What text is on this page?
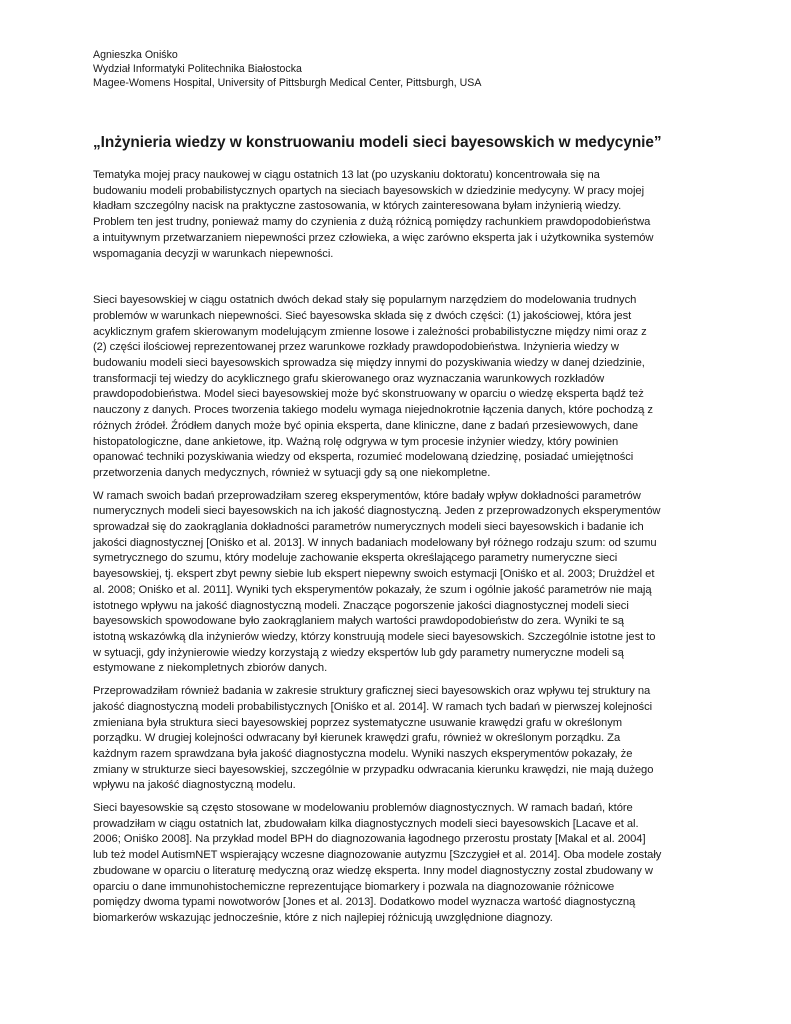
Agnieszka Oniśko

Wydział Informatyki Politechnika Białostocka

Magee-Womens Hospital, University of Pittsburgh Medical Center, Pittsburgh, USA

„Inżynieria wiedzy w konstruowaniu modeli sieci bayesowskich w medycynie”

Tematyka mojej pracy naukowej w ciągu ostatnich 13 lat (po uzyskaniu doktoratu) koncentrowała się na
budowaniu modeli probabilistycznych opartych na sieciach bayesowskich w dziedzinie medycyny. W pracy mojej
kładłam szczególny nacisk na praktyczne zastosowania, w których zainteresowana byłam inżynierią wiedzy.
Problem ten jest trudny, ponieważ mamy do czynienia z dużą różnicą pomiędzy rachunkiem prawdopodobieństwa
a intuitywnym przetwarzaniem niepewności przez człowieka, a więc zarówno eksperta jak i użytkownika systemów
wspomagania decyzji w warunkach niepewności.

Sieci bayesowskiej w ciągu ostatnich dwóch dekad stały się popularnym narzędziem do modelowania trudnych
problemów w warunkach niepewności. Sieć bayesowska składa się z dwóch części: (1) jakościowej, która jest
acyklicznym grafem skierowanym modelującym zmienne losowe i zależności probabilistyczne między nimi oraz z
(2) części ilościowej reprezentowanej przez warunkowe rozkłady prawdopodobieństwa. Inżynieria wiedzy w
budowaniu modeli sieci bayesowskich sprowadza się między innymi do pozyskiwania wiedzy w danej dziedzinie,
transformacji tej wiedzy do acyklicznego grafu skierowanego oraz wyznaczania warunkowych rozkładów
prawdopodobieństwa. Model sieci bayesowskiej może być skonstruowany w oparciu o wiedzę eksperta bądź też
nauczony z danych. Proces tworzenia takiego modelu wymaga niejednokrotnie łączenia danych, które pochodzą z
różnych źródeł. Źródłem danych może być opinia eksperta, dane kliniczne, dane z badań przesiewowych, dane
histopatologiczne, dane ankietowe, itp. Ważną rolę odgrywa w tym procesie inżynier wiedzy, który powinien
opanować techniki pozyskiwania wiedzy od eksperta, rozumieć modelowaną dziedzinę, posiadać umiejętności
przetworzenia danych medycznych, również w sytuacji gdy są one niekompletne.

W ramach swoich badań przeprowadziłam szereg eksperymentów, które badały wpływ dokładności parametrów
numerycznych modeli sieci bayesowskich na ich jakość diagnostyczną. Jeden z przeprowadzonych eksperymentów
sprowadzał się do zaokrąglania dokładności parametrów numerycznych modeli sieci bayesowskich i badanie ich
jakości diagnostycznej [Oniśko et al. 2013]. W innych badaniach modelowany był różnego rodzaju szum: od szumu
symetrycznego do szumu, który modeluje zachowanie eksperta określającego parametry numeryczne sieci
bayesowskiej, tj. ekspert zbyt pewny siebie lub ekspert niepewny swoich estymacji [Oniśko et al. 2003; Drużdżel et
al. 2008; Oniśko et al. 2011]. Wyniki tych eksperymentów pokazały, że szum i ogólnie jakość parametrów nie mają
istotnego wpływu na jakość diagnostyczną modeli. Znaczące pogorszenie jakości diagnostycznej modeli sieci
bayesowskich spowodowane było zaokrąglaniem małych wartości prawdopodobieństw do zera. Wyniki te są
istotną wskazówką dla inżynierów wiedzy, którzy konstruują modele sieci bayesowskich. Szczególnie istotne jest to
w sytuacji, gdy inżynierowie wiedzy korzystają z wiedzy ekspertów lub gdy parametry numeryczne modeli są
estymowane z niekompletnych zbiorów danych.

Przeprowadziłam również badania w zakresie struktury graficznej sieci bayesowskich oraz wpływu tej struktury na
jakość diagnostyczną modeli probabilistycznych [Oniśko et al. 2014]. W ramach tych badań w pierwszej kolejności
zmieniana była struktura sieci bayesowskiej poprzez systematyczne usuwanie krawędzi grafu w określonym
porządku. W drugiej kolejności odwracany był kierunek krawędzi grafu, również w określonym porządku. Za
każdnym razem sprawdzana była jakość diagnostyczna modelu. Wyniki naszych eksperymentów pokazały, że
zmiany w strukturze sieci bayesowskiej, szczególnie w przypadku odwracania kierunku krawędzi, nie mają dużego
wpływu na jakość diagnostyczną modelu.

Sieci bayesowskie są często stosowane w modelowaniu problemów diagnostycznych. W ramach badań, które
prowadziłam w ciągu ostatnich lat, zbudowałam kilka diagnostycznych modeli sieci bayesowskich [Lacave et al.
2006; Oniśko 2008]. Na przykład model BPH do diagnozowania łagodnego przerostu prostaty [Makal et al. 2004]
lub też model AutismNET wspierający wczesne diagnozowanie autyzmu [Szczygieł et al. 2014]. Oba modele zostały
zbudowane w oparciu o literaturę medyczną oraz wiedzę eksperta. Inny model diagnostyczny zostal zbudowany w
oparciu o dane immunohistochemiczne reprezentujące biomarkery i pozwala na diagnozowanie różnicowe
pomiędzy dwoma typami nowotworów [Jones et al. 2013]. Dodatkowo model wyznacza wartość diagnostyczną
biomarkerów wskazując jednocześnie, które z nich najlepiej różnicują uwzględnione diagnozy.
